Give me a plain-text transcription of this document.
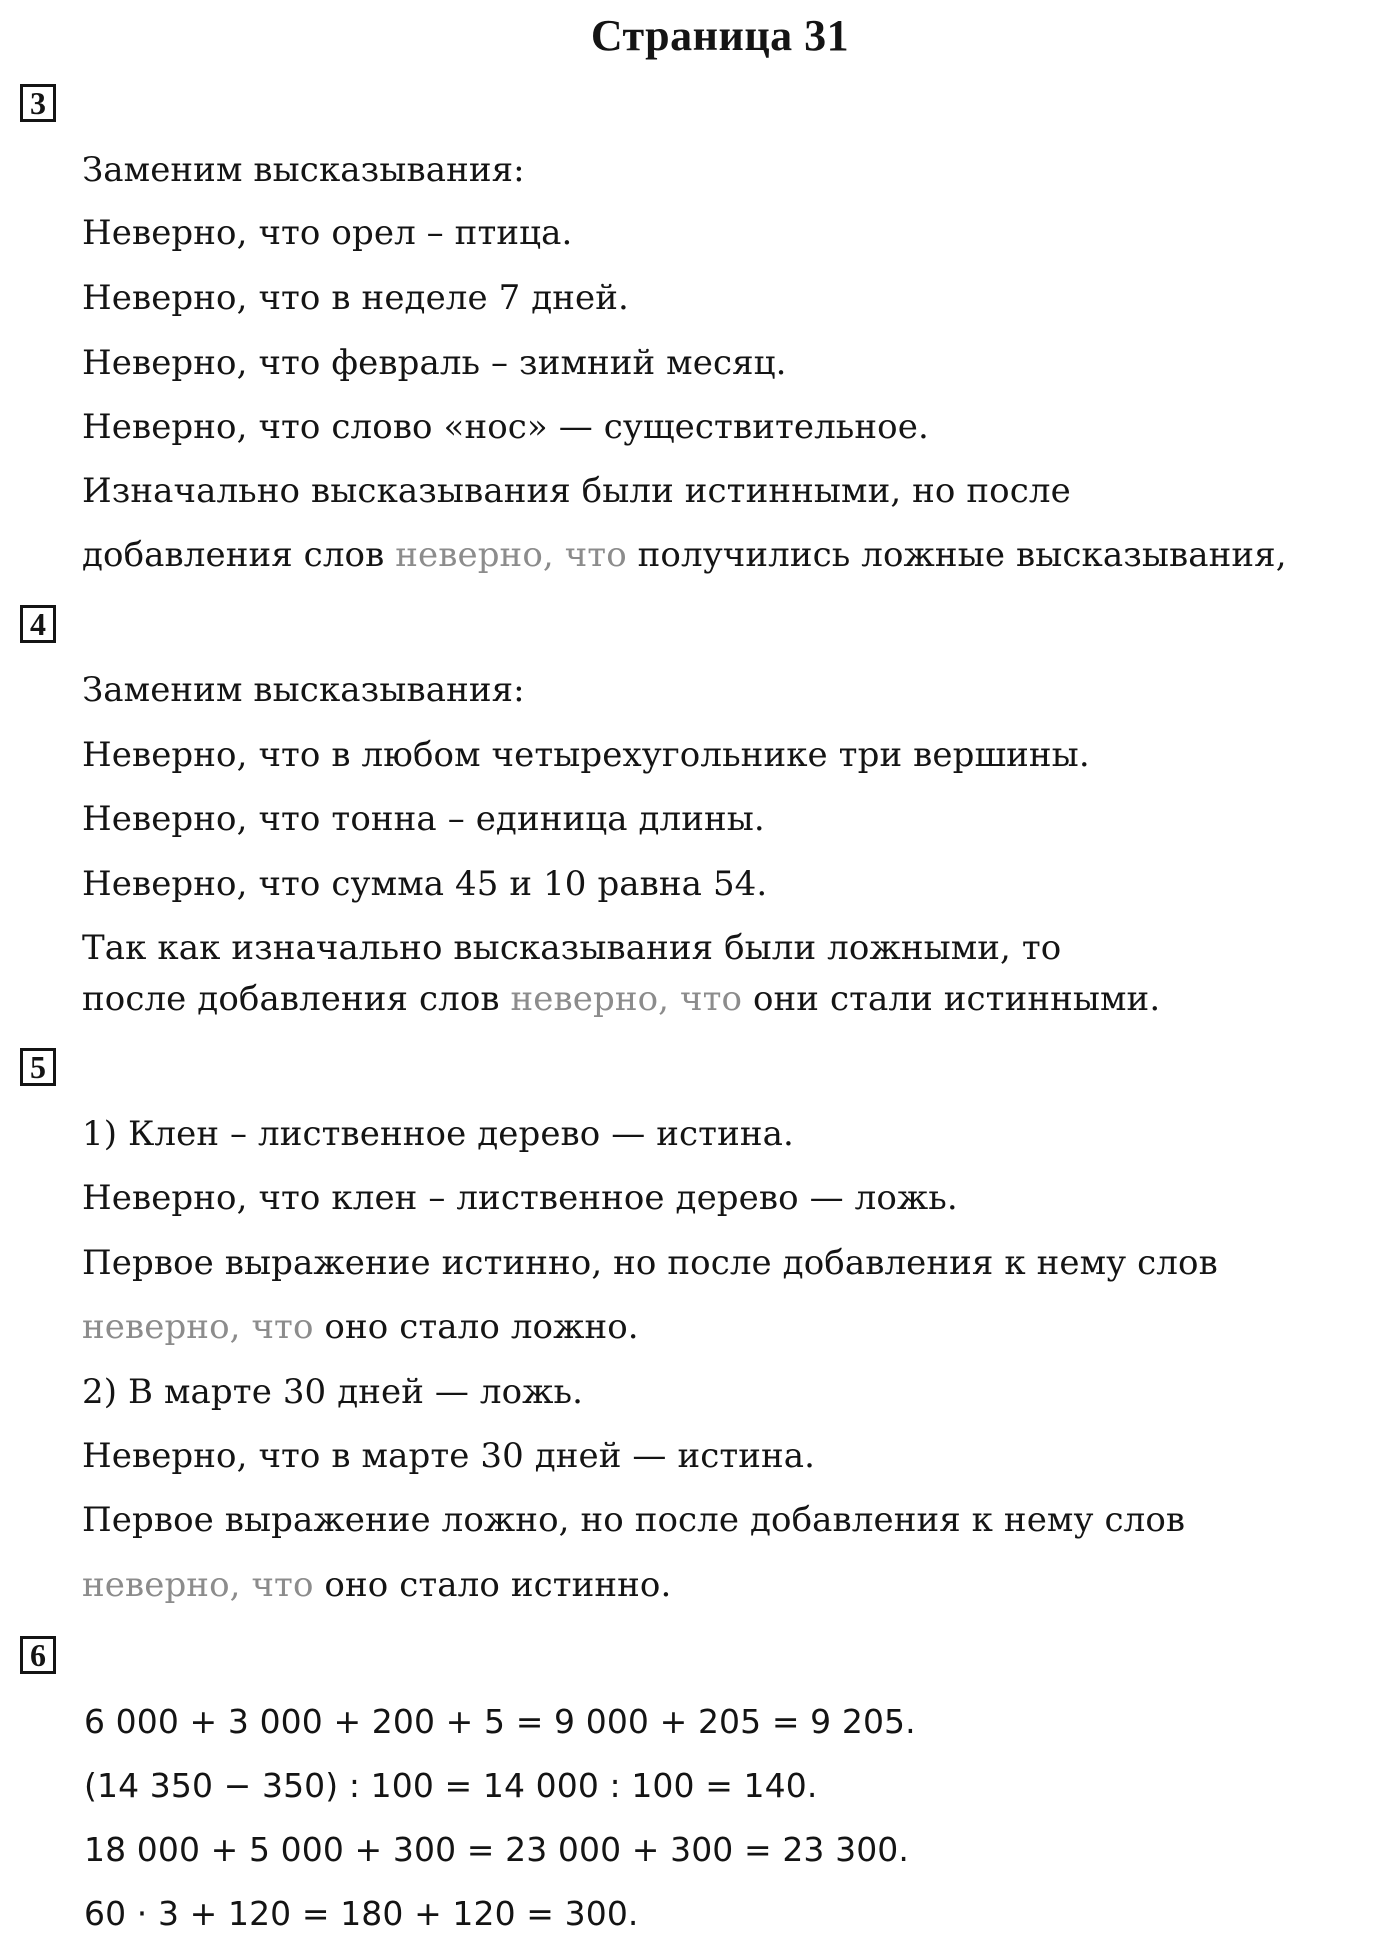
Страница 31
3
Заменим высказывания:
Неверно, что орел – птица.
Неверно, что в неделе 7 дней.
Неверно, что февраль – зимний месяц.
Неверно, что слово «нос» — существительное.
Изначально высказывания были истинными, но после
добавления слов неверно, что получились ложные высказывания,
4
Заменим высказывания:
Неверно, что в любом четырехугольнике три вершины.
Неверно, что тонна – единица длины.
Неверно, что сумма 45 и 10 равна 54.
Так как изначально высказывания были ложными, то
после добавления слов неверно, что они стали истинными.
5
1) Клен – лиственное дерево — истина.
Неверно, что клен – лиственное дерево — ложь.
Первое выражение истинно, но после добавления к нему слов
неверно, что оно стало ложно.
2) В марте 30 дней — ложь.
Неверно, что в марте 30 дней — истина.
Первое выражение ложно, но после добавления к нему слов
неверно, что оно стало истинно.
6
6 000 + 3 000 + 200 + 5 = 9 000 + 205 = 9 205.
(14 350 − 350) : 100 = 14 000 : 100 = 140.
18 000 + 5 000 + 300 = 23 000 + 300 = 23 300.
60 · 3 + 120 = 180 + 120 = 300.
